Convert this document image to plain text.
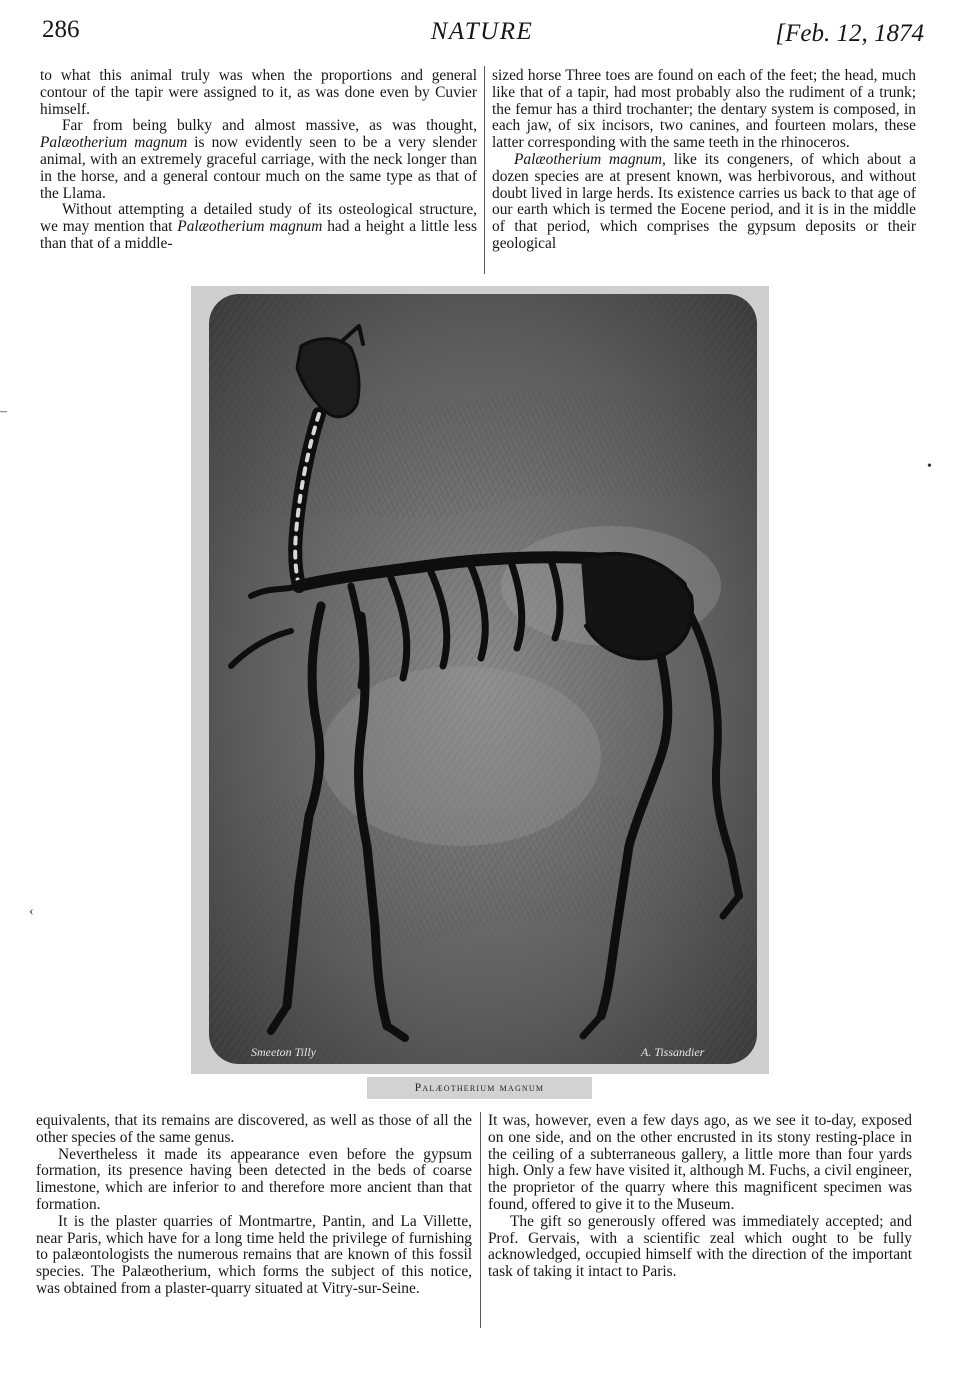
286	NATURE	[Feb. 12, 1874

to what this animal truly was when the proportions and general contour of the tapir were assigned to it, as was done even by Cuvier himself.

Far from being bulky and almost massive, as was thought, Palæotherium magnum is now evidently seen to be a very slender animal, with an extremely graceful carriage, with the neck longer than in the horse, and a general contour much on the same type as that of the Llama.

Without attempting a detailed study of its osteological structure, we may mention that Palæotherium magnum had a height a little less than that of a middle-

sized horse Three toes are found on each of the feet; the head, much like that of a tapir, had most probably also the rudiment of a trunk; the femur has a third trochanter; the dentary system is composed, in each jaw, of six incisors, two canines, and fourteen molars, these latter corresponding with the same teeth in the rhinoceros.

Palæotherium magnum, like its congeners, of which about a dozen species are at present known, was herbivorous, and without doubt lived in large herds. Its existence carries us back to that age of our earth which is termed the Eocene period, and it is in the middle of that period, which comprises the gypsum deposits or their geological

Smeeton Tilly	A. Tissandier
Palæotherium magnum

equivalents, that its remains are discovered, as well as those of all the other species of the same genus.

Nevertheless it made its appearance even before the gypsum formation, its presence having been detected in the beds of coarse limestone, which are inferior to and therefore more ancient than that formation.

It is the plaster quarries of Montmartre, Pantin, and La Villette, near Paris, which have for a long time held the privilege of furnishing to palæontologists the numerous remains that are known of this fossil species. The Palæotherium, which forms the subject of this notice, was obtained from a plaster-quarry situated at Vitry-sur-Seine.

It was, however, even a few days ago, as we see it to-day, exposed on one side, and on the other encrusted in its stony resting-place in the ceiling of a subterraneous gallery, a little more than four yards high. Only a few have visited it, although M. Fuchs, a civil engineer, the proprietor of the quarry where this magnificent specimen was found, offered to give it to the Museum.

The gift so generously offered was immediately accepted; and Prof. Gervais, with a scientific zeal which ought to be fully acknowledged, occupied himself with the direction of the important task of taking it intact to Paris.

–
•
‹
